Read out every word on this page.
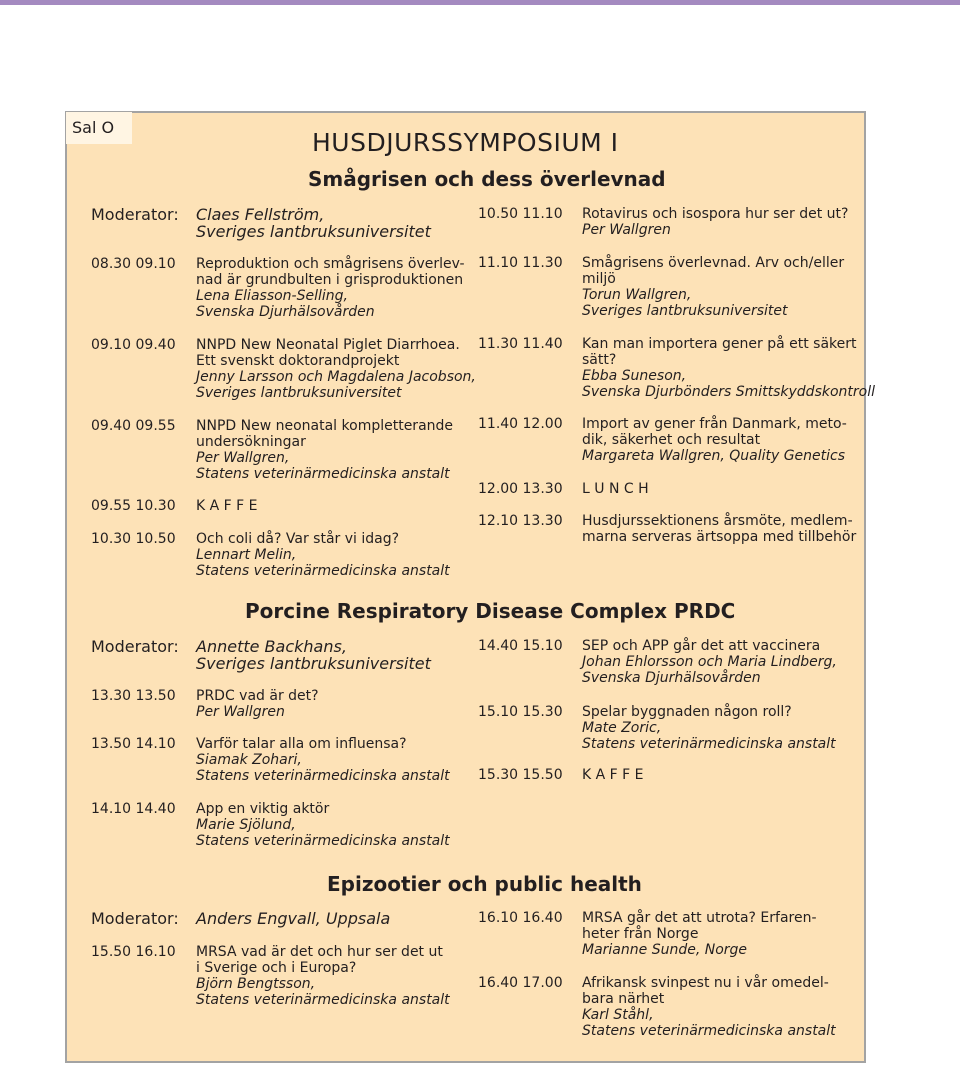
Sal O
HUSDJURSSYMPOSIUM I
Smågrisen och dess överlevnad
Moderator: Claes Fellström,
Sveriges lantbruksuniversitet
08.30 09.10 Reproduktion och smågrisens överlev-
nad är grundbulten i grisproduktionen
Lena Eliasson-Selling,
Svenska Djurhälsovården
09.10 09.40 NNPD New Neonatal Piglet Diarrhoea.
Ett svenskt doktorandprojekt
Jenny Larsson och Magdalena Jacobson,
Sveriges lantbruksuniversitet
09.40 09.55 NNPD New neonatal kompletterande
undersökningar
Per Wallgren,
Statens veterinärmedicinska anstalt
09.55 10.30 K A F F E
10.30 10.50 Och coli då? Var står vi idag?
Lennart Melin,
Statens veterinärmedicinska anstalt
10.50 11.10 Rotavirus och isospora hur ser det ut?
Per Wallgren
11.10 11.30 Smågrisens överlevnad. Arv och/eller
miljö
Torun Wallgren,
Sveriges lantbruksuniversitet
11.30 11.40 Kan man importera gener på ett säkert
sätt?
Ebba Suneson,
Svenska Djurbönders Smittskyddskontroll
11.40 12.00 Import av gener från Danmark, meto-
dik, säkerhet och resultat
Margareta Wallgren, Quality Genetics
12.00 13.30 L U N C H
12.10 13.30 Husdjurssektionens årsmöte, medlem-
marna serveras ärtsoppa med tillbehör
Porcine Respiratory Disease Complex PRDC
Moderator: Annette Backhans,
Sveriges lantbruksuniversitet
13.30 13.50 PRDC vad är det?
Per Wallgren
13.50 14.10 Varför talar alla om influensa?
Siamak Zohari,
Statens veterinärmedicinska anstalt
14.10 14.40 App en viktig aktör
Marie Sjölund,
Statens veterinärmedicinska anstalt
14.40 15.10 SEP och APP går det att vaccinera
Johan Ehlorsson och Maria Lindberg,
Svenska Djurhälsovården
15.10 15.30 Spelar byggnaden någon roll?
Mate Zoric,
Statens veterinärmedicinska anstalt
15.30 15.50 K A F F E
Epizootier och public health
Moderator: Anders Engvall, Uppsala
15.50 16.10 MRSA vad är det och hur ser det ut
i Sverige och i Europa?
Björn Bengtsson,
Statens veterinärmedicinska anstalt
16.10 16.40 MRSA går det att utrota? Erfaren-
heter från Norge
Marianne Sunde, Norge
16.40 17.00 Afrikansk svinpest nu i vår omedel-
bara närhet
Karl Ståhl,
Statens veterinärmedicinska anstalt
